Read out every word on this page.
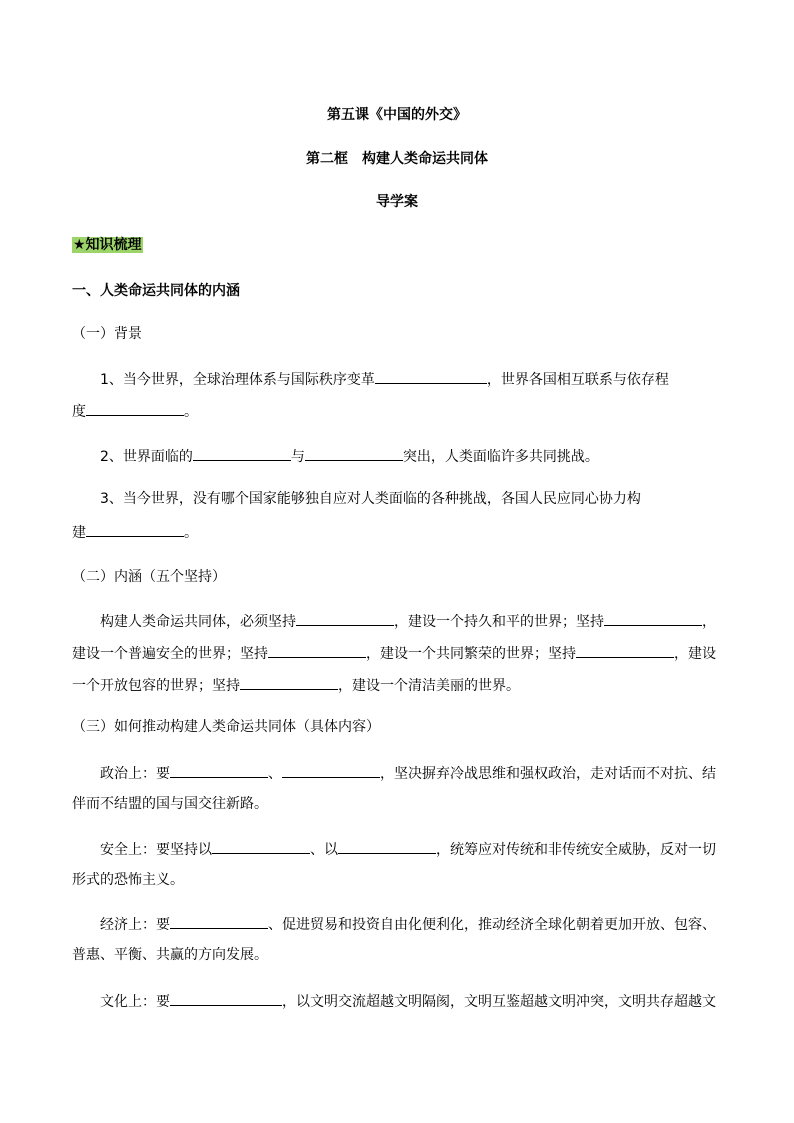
第五课《中国的外交》
第二框　构建人类命运共同体
导学案
★知识梳理
一、人类命运共同体的内涵
（一）背景
1、当今世界，全球治理体系与国际秩序变革	，世界各国相互联系与依存程
度	。
2、世界面临的	与	突出，人类面临许多共同挑战。
3、当今世界，没有哪个国家能够独自应对人类面临的各种挑战，各国人民应同心协力构
建	。
（二）内涵（五个坚持）
构建人类命运共同体，必须坚持	，建设一个持久和平的世界；坚持	，
建设一个普遍安全的世界；坚持	，建设一个共同繁荣的世界；坚持	，建设
一个开放包容的世界；坚持	，建设一个清洁美丽的世界。
（三）如何推动构建人类命运共同体（具体内容）
政治上：要	、	，坚决摒弃冷战思维和强权政治，走对话而不对抗、结
伴而不结盟的国与国交往新路。
安全上：要坚持以	、以	，统筹应对传统和非传统安全威胁，反对一切
形式的恐怖主义。
经济上：要	、促进贸易和投资自由化便利化，推动经济全球化朝着更加开放、包容、
普惠、平衡、共赢的方向发展。
文化上：要	，以文明交流超越文明隔阂，文明互鉴超越文明冲突，文明共存超越文
